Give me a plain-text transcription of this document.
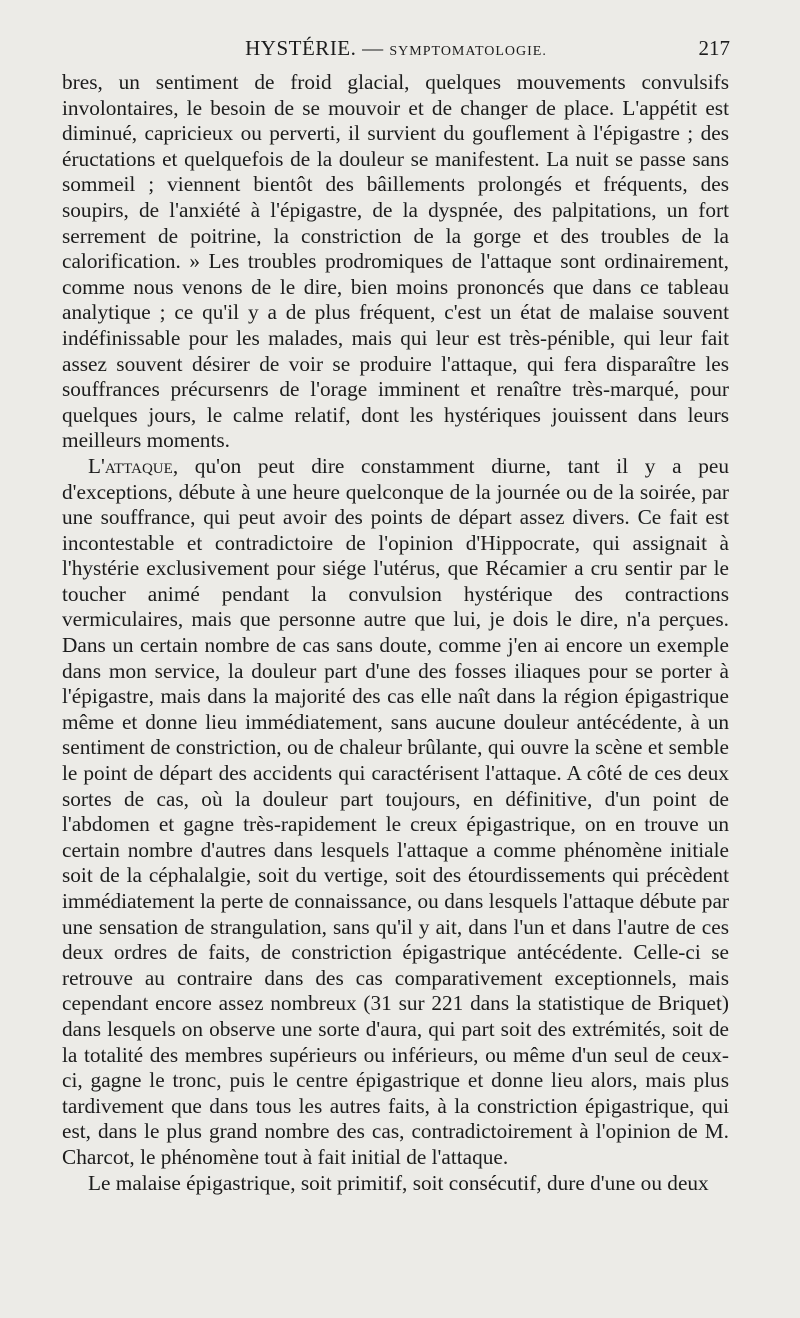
HYSTÉRIE. — SYMPTOMATOLOGIE.	217

bres, un sentiment de froid glacial, quelques mouvements convulsifs involontaires, le besoin de se mouvoir et de changer de place. L'appétit est diminué, capricieux ou perverti, il survient du gouflement à l'épigastre ; des éructations et quelquefois de la douleur se manifestent. La nuit se passe sans sommeil ; viennent bientôt des bâillements prolongés et fréquents, des soupirs, de l'anxiété à l'épigastre, de la dyspnée, des palpitations, un fort serrement de poitrine, la constriction de la gorge et des troubles de la calorification. » Les troubles prodromiques de l'attaque sont ordinairement, comme nous venons de le dire, bien moins prononcés que dans ce tableau analytique ; ce qu'il y a de plus fréquent, c'est un état de malaise souvent indéfinissable pour les malades, mais qui leur est très-pénible, qui leur fait assez souvent désirer de voir se produire l'attaque, qui fera disparaître les souffrances précursenrs de l'orage imminent et renaître très-marqué, pour quelques jours, le calme relatif, dont les hystériques jouissent dans leurs meilleurs moments.

L'attaque, qu'on peut dire constamment diurne, tant il y a peu d'exceptions, débute à une heure quelconque de la journée ou de la soirée, par une souffrance, qui peut avoir des points de départ assez divers. Ce fait est incontestable et contradictoire de l'opinion d'Hippocrate, qui assignait à l'hystérie exclusivement pour siége l'utérus, que Récamier a cru sentir par le toucher animé pendant la convulsion hystérique des contractions vermiculaires, mais que personne autre que lui, je dois le dire, n'a perçues. Dans un certain nombre de cas sans doute, comme j'en ai encore un exemple dans mon service, la douleur part d'une des fosses iliaques pour se porter à l'épigastre, mais dans la majorité des cas elle naît dans la région épigastrique même et donne lieu immédiatement, sans aucune douleur antécédente, à un sentiment de constriction, ou de chaleur brûlante, qui ouvre la scène et semble le point de départ des accidents qui caractérisent l'attaque. A côté de ces deux sortes de cas, où la douleur part toujours, en définitive, d'un point de l'abdomen et gagne très-rapidement le creux épigastrique, on en trouve un certain nombre d'autres dans lesquels l'attaque a comme phénomène initiale soit de la céphalalgie, soit du vertige, soit des étourdissements qui précèdent immédiatement la perte de connaissance, ou dans lesquels l'attaque débute par une sensation de strangulation, sans qu'il y ait, dans l'un et dans l'autre de ces deux ordres de faits, de constriction épigastrique antécédente. Celle-ci se retrouve au contraire dans des cas comparativement exceptionnels, mais cependant encore assez nombreux (31 sur 221 dans la statistique de Briquet) dans lesquels on observe une sorte d'aura, qui part soit des extrémités, soit de la totalité des membres supérieurs ou inférieurs, ou même d'un seul de ceux-ci, gagne le tronc, puis le centre épigastrique et donne lieu alors, mais plus tardivement que dans tous les autres faits, à la constriction épigastrique, qui est, dans le plus grand nombre des cas, contradictoirement à l'opinion de M. Charcot, le phénomène tout à fait initial de l'attaque.

Le malaise épigastrique, soit primitif, soit consécutif, dure d'une ou deux
